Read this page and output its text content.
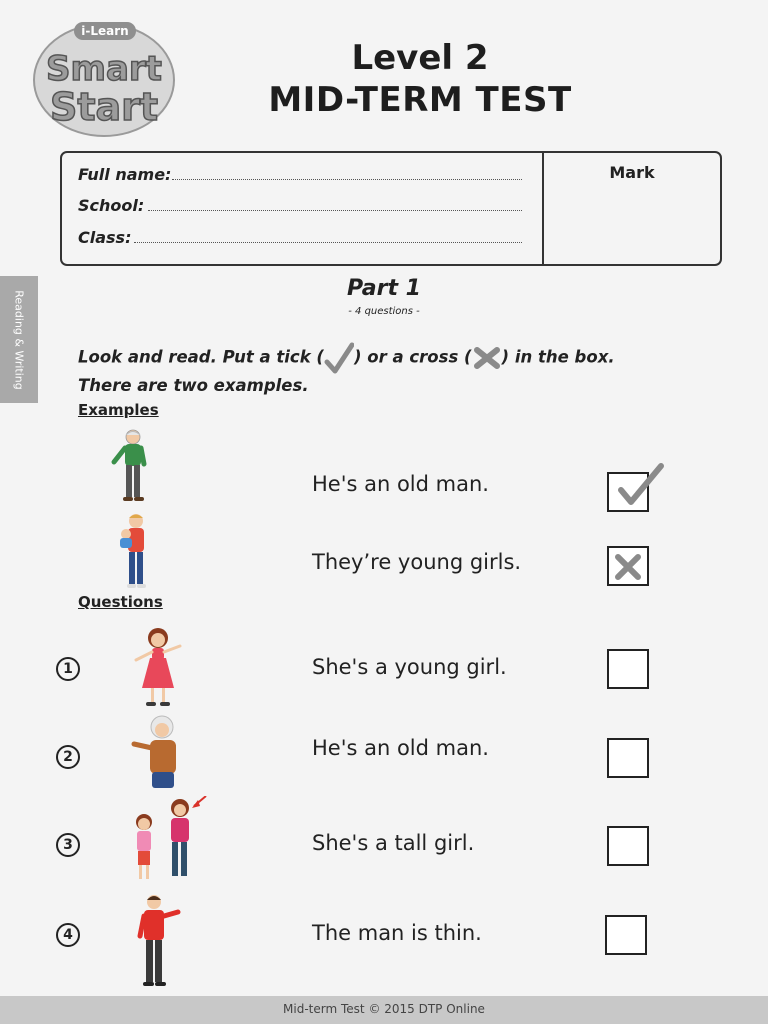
i-Learn
Smart
Start
Level 2
MID-TERM TEST
Full name:
School:
Class:
Mark
Reading & Writing
Part 1
- 4 questions -
Look and read. Put a tick ( ) or a cross ( ) in the box.
There are two examples.
Examples
He's an old man.
They’re young girls.
Questions
1	She's a young girl.
2	He's an old man.
3	She's a tall girl.
4	The man is thin.
Mid-term Test © 2015 DTP Online
